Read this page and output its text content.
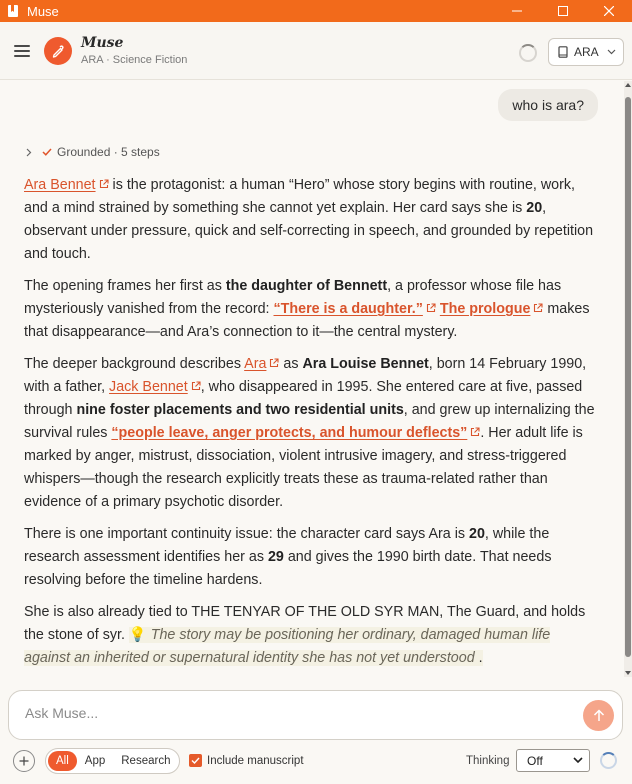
Muse
Muse
ARA · Science Fiction
ARA
who is ara?
Grounded · 5 steps

Ara Bennet is the protagonist: a human “Hero” whose story begins with routine, work, and a mind strained by something she cannot yet explain. Her card says she is 20, observant under pressure, quick and self-correcting in speech, and grounded by repetition and touch.

The opening frames her first as the daughter of Bennett, a professor whose file has mysteriously vanished from the record: “There is a daughter.” The prologue makes that disappearance—and Ara’s connection to it—the central mystery.

The deeper background describes Ara as Ara Louise Bennet, born 14 February 1990, with a father, Jack Bennet , who disappeared in 1995. She entered care at five, passed through nine foster placements and two residential units, and grew up internalizing the survival rules “people leave, anger protects, and humour deflects” . Her adult life is marked by anger, mistrust, dissociation, violent intrusive imagery, and stress-triggered whispers—though the research explicitly treats these as trauma-related rather than evidence of a primary psychotic disorder.

There is one important continuity issue: the character card says Ara is 20, while the research assessment identifies her as 29 and gives the 1990 birth date. That needs resolving before the timeline hardens.

She is also already tied to THE TENYAR OF THE OLD SYR MAN, The Guard, and holds the stone of syr. 💡 The story may be positioning her ordinary, damaged human life against an inherited or supernatural identity she has not yet understood .

Ask Muse...
All	App	Research	Include manuscript	Thinking Off
